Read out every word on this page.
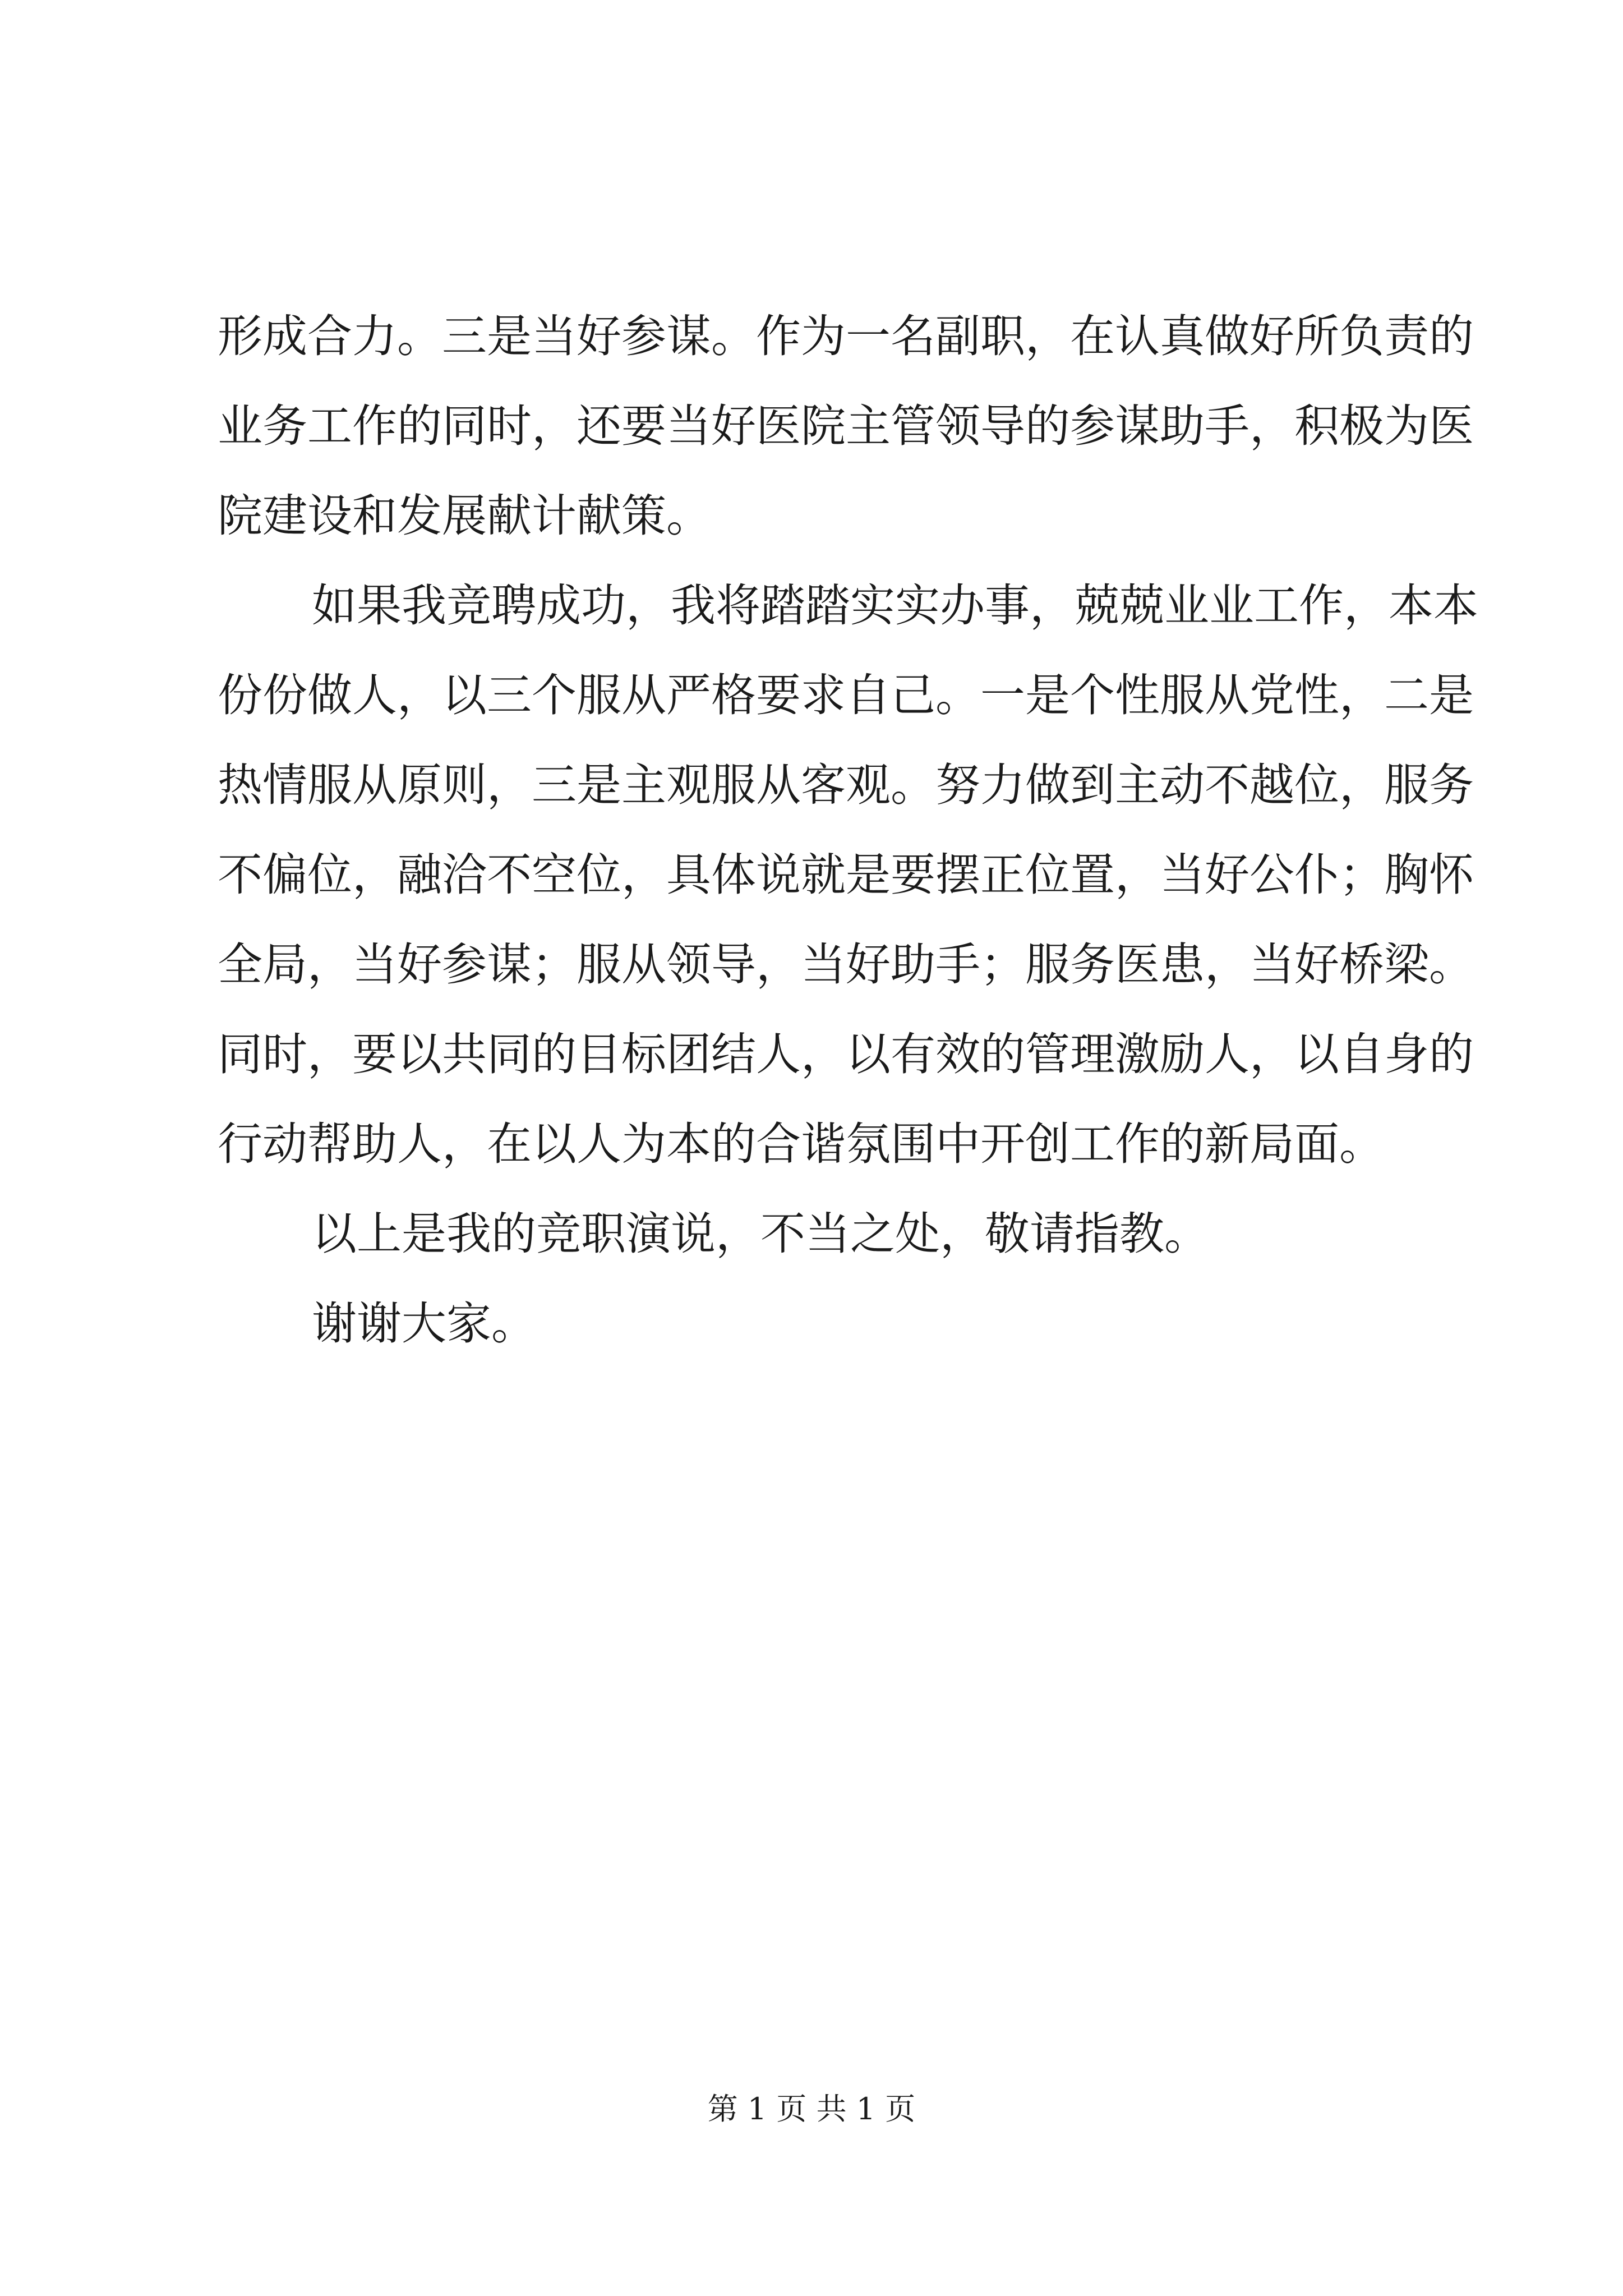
形成合力。三是当好参谋。作为一名副职，在认真做好所负责的
业务工作的同时，还要当好医院主管领导的参谋助手，积极为医
院建设和发展献计献策。
如果我竞聘成功，我将踏踏实实办事，兢兢业业工作，本本
份份做人，以三个服从严格要求自己。一是个性服从党性，二是
热情服从原则，三是主观服从客观。努力做到主动不越位，服务
不偏位，融洽不空位，具体说就是要摆正位置，当好公仆；胸怀
全局，当好参谋；服从领导，当好助手；服务医患，当好桥梁。
同时，要以共同的目标团结人，以有效的管理激励人，以自身的
行动帮助人，在以人为本的合谐氛围中开创工作的新局面。
以上是我的竞职演说，不当之处，敬请指教。
谢谢大家。
第 1 页 共 1 页
